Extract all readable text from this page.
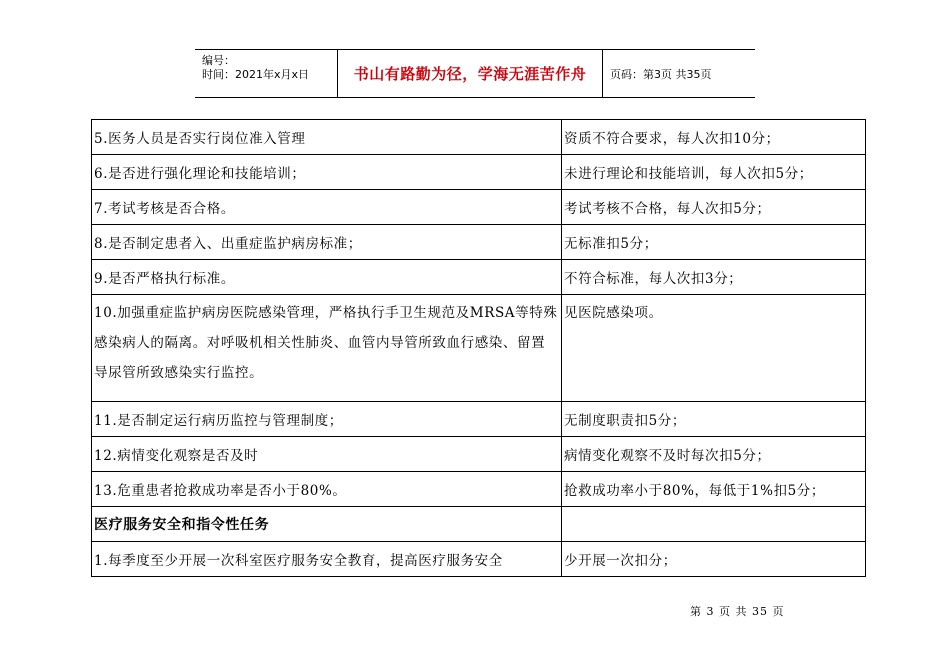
编号：
时间：2021年x月x日	书山有路勤为径，学海无涯苦作舟	页码：第3页 共35页
5.医务人员是否实行岗位准入管理	资质不符合要求，每人次扣10分；
6.是否进行强化理论和技能培训；	未进行理论和技能培训，每人次扣5分；
7.考试考核是否合格。	考试考核不合格，每人次扣5分；
8.是否制定患者入、出重症监护病房标准；	无标准扣5分；
9.是否严格执行标准。	不符合标准，每人次扣3分；

10.加强重症监护病房医院感染管理，严格执行手卫生规范及MRSA等特殊感染病人的隔离。对呼吸机相关性肺炎、血管内导管所致血行感染、留置导尿管所致感染实行监控。	见医院感染项。

11.是否制定运行病历监控与管理制度；	无制度职责扣5分；
12.病情变化观察是否及时	病情变化观察不及时每次扣5分；
13.危重患者抢救成功率是否小于80%。	抢救成功率小于80%，每低于1%扣5分；
医疗服务安全和指令性任务	
1.每季度至少开展一次科室医疗服务安全教育，提高医疗服务安全	少开展一次扣分；
第 3 页 共 35 页
